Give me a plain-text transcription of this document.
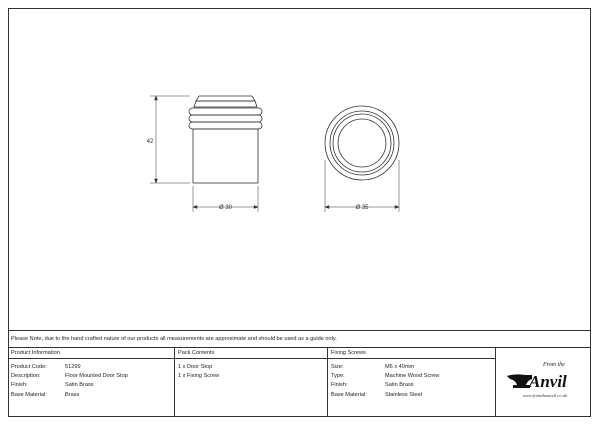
42
Ø 30	Ø 35
Please Note, due to the hand crafted nature of our products all measurements are approximate and should be used as a guide only.
Product Information
Product Code:	51299
Description:	Floor Mounted Door Stop
Finish:	Satin Brass
Base Material:	Brass
Pack Contents
1 x Door Stop
1 x Fixing Screw
Fixing Screws
Size:	M6 x 40mm
Type:	Machine Wood Screw
Finish:	Satin Brass
Base Material:	Stainless Steel
From the
Anvil
www.fromtheanvil.co.uk
